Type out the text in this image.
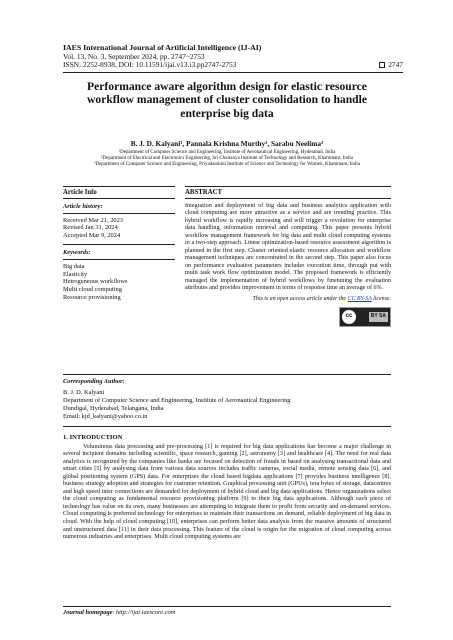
IAES International Journal of Artificial Intelligence (IJ-AI)
Vol. 13, No. 3, September 2024, pp. 2747~2753
ISSN: 2252-8938, DOI: 10.11591/ijai.v13.i3.pp2747-2753	2747
Performance aware algorithm design for elastic resource workflow management of cluster consolidation to handle enterprise big data
B. J. D. Kalyani¹, Pannala Krishna Murthy², Sarabu Neelima³
¹Department of Computer Science and Engineering, Institute of Aeronautical Engineering, Hyderabad, India
²Department of Electrical and Electronics Engineering, Sri Chaitanya Institute of Technology and Research, Khammam, India
³Department of Computer Science and Engineering, Priyadarshini Institute of Science and Technology for Women, Khammam, India
Article Info
Article history:
Received Mar 21, 2023
Revised Jan 31, 2024
Accepted Mar 9, 2024
Keywords:
Big data
Elasticity
Hetrogeneous workflows
Multi cloud computing
Resource provisioning
ABSTRACT
Integration and deployment of big data and business analytics application with cloud computing are more attractive as a service and are trending practice. This hybrid workflow is rapidly increasing and will trigger a revolution for enterprise data handling, information retrieval and computing. This paper presents hybrid workflow management framework for big data and multi cloud computing systems in a two-step approach. Linear optimization-based resource assessment algorithm is planned in the first step. Cluster oriented elastic resource allocation and workflow management techniques are concentrated in the second step. This paper also focus on performance evaluation parameters includes execution time, through put with multi task work flow optimization model. The proposed framework is efficiently managed the implementation of hybrid workflows by finetuning the evaluation attributes and provides improvement in terms of response time an average of 6%.
This is an open access article under the CC BY-SA license.
cc	BY SA
Corresponding Author:
B. J. D. Kalyani
Department of Computer Science and Engineering, Institute of Aeronautical Engineering
Dundigal, Hyderabad, Telangana, India
Email: kjd_kalyani@yahoo.co.in
1. INTRODUCTION
Voluminous data processing and pre-processing [1] is required for big data applications has become a major challenge in several incipient domains including scientific, space research, gaming [2], astronomy [3] and healthcare [4]. The need for real data analytics is recognized by the companies like banks are focused on detection of frauds in based on analysing transactional data and smart cities [5] by analysing data from various data sources includes traffic cameras, social media, remote sensing data [6], and global positioning system (GPS) data. For enterprises the cloud based bigdata applications [7] provides business intelligence [8], business strategy adoption and strategies for customer retention. Graphical processing unit (GPUs), tera bytes of storage, datacentres and high speed inter connections are demanded for deployment of hybrid cloud and big data applications. Hence organizations select the cloud computing as fundamental resource provisioning platform [9] to their big data applications. Although each piece of technology has value on its own, many businesses are attempting to integrate them to profit from security and on-demand services. Cloud computing is preferred technology for enterprises to maintain their transactions on demand, reliable deployment of big data in cloud. With the help of cloud computing [10], enterprises can perform better data analysis from the massive amounts of structured and unstructured data [11] in their data processing. This feature of the cloud is origin for the migration of cloud computing across numerous industries and enterprises. Multi cloud computing systems are
Journal homepage: http://ijai.iaescore.com
